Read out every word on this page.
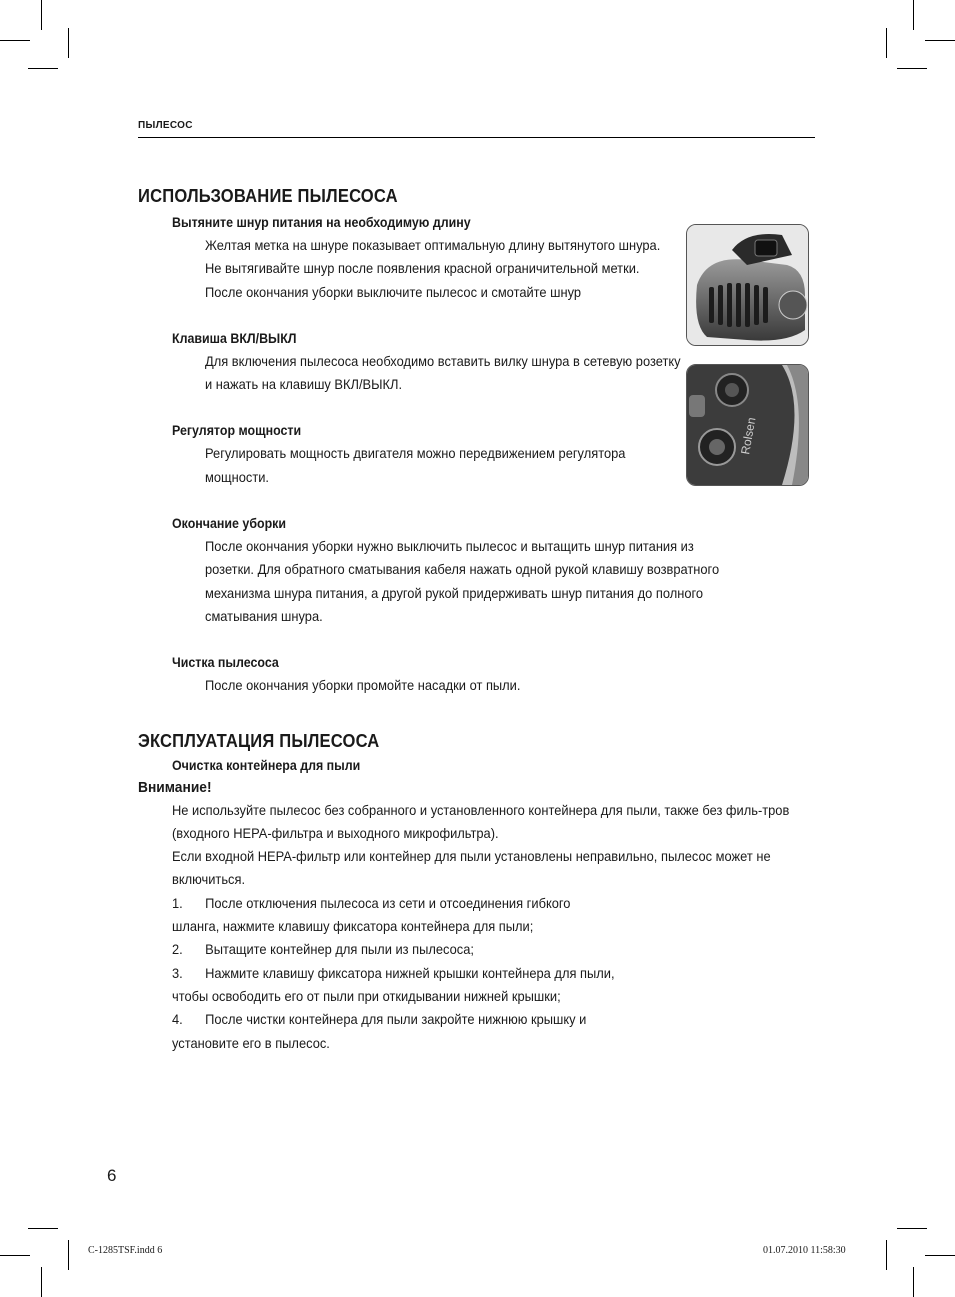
ПЫЛЕСОС
Rolsen
ИСПОЛЬЗОВАНИЕ ПЫЛЕСОСА
Вытяните шнур питания на необходимую длину
Желтая метка на шнуре показывает оптимальную длину вытянутого шнура.
Не вытягивайте шнур после появления красной ограничительной метки.
После окончания уборки выключите пылесос и смотайте шнур
Клавиша ВКЛ/ВЫКЛ
Для включения пылесоса необходимо вставить вилку шнура в сетевую розетку и нажать на клавишу ВКЛ/ВЫКЛ.
Регулятор мощности
Регулировать мощность двигателя можно передвижением регулятора мощности.
Окончание уборки
После окончания уборки нужно выключить пылесос и вытащить шнур питания из розетки. Для обратного сматывания кабеля нажать одной рукой клавишу возвратного механизма шнура питания, а другой рукой придерживать шнур питания до полного сматывания шнура.
Чистка пылесоса
После окончания уборки промойте насадки от пыли.
ЭКСПЛУАТАЦИЯ ПЫЛЕСОСА
Очистка контейнера для пыли
Внимание!
Не используйте пылесос без собранного и установленного контейнера для пыли, также без филь-тров (входного HEPA-фильтра и выходного микрофильтра).
Если входной HEPA-фильтр или контейнер для пыли установлены неправильно, пылесос может не включиться.
1. После отключения пылесоса из сети и отсоединения гибкого
шланга, нажмите клавишу фиксатора контейнера для пыли;
2. Вытащите контейнер для пыли из пылесоса;
3. Нажмите клавишу фиксатора нижней крышки контейнера для пыли,
чтобы освободить его от пыли при откидывании нижней крышки;
4. После чистки контейнера для пыли закройте нижнюю крышку и
установите его в пылесос.
6
C-1285TSF.indd 6	01.07.2010 11:58:30
